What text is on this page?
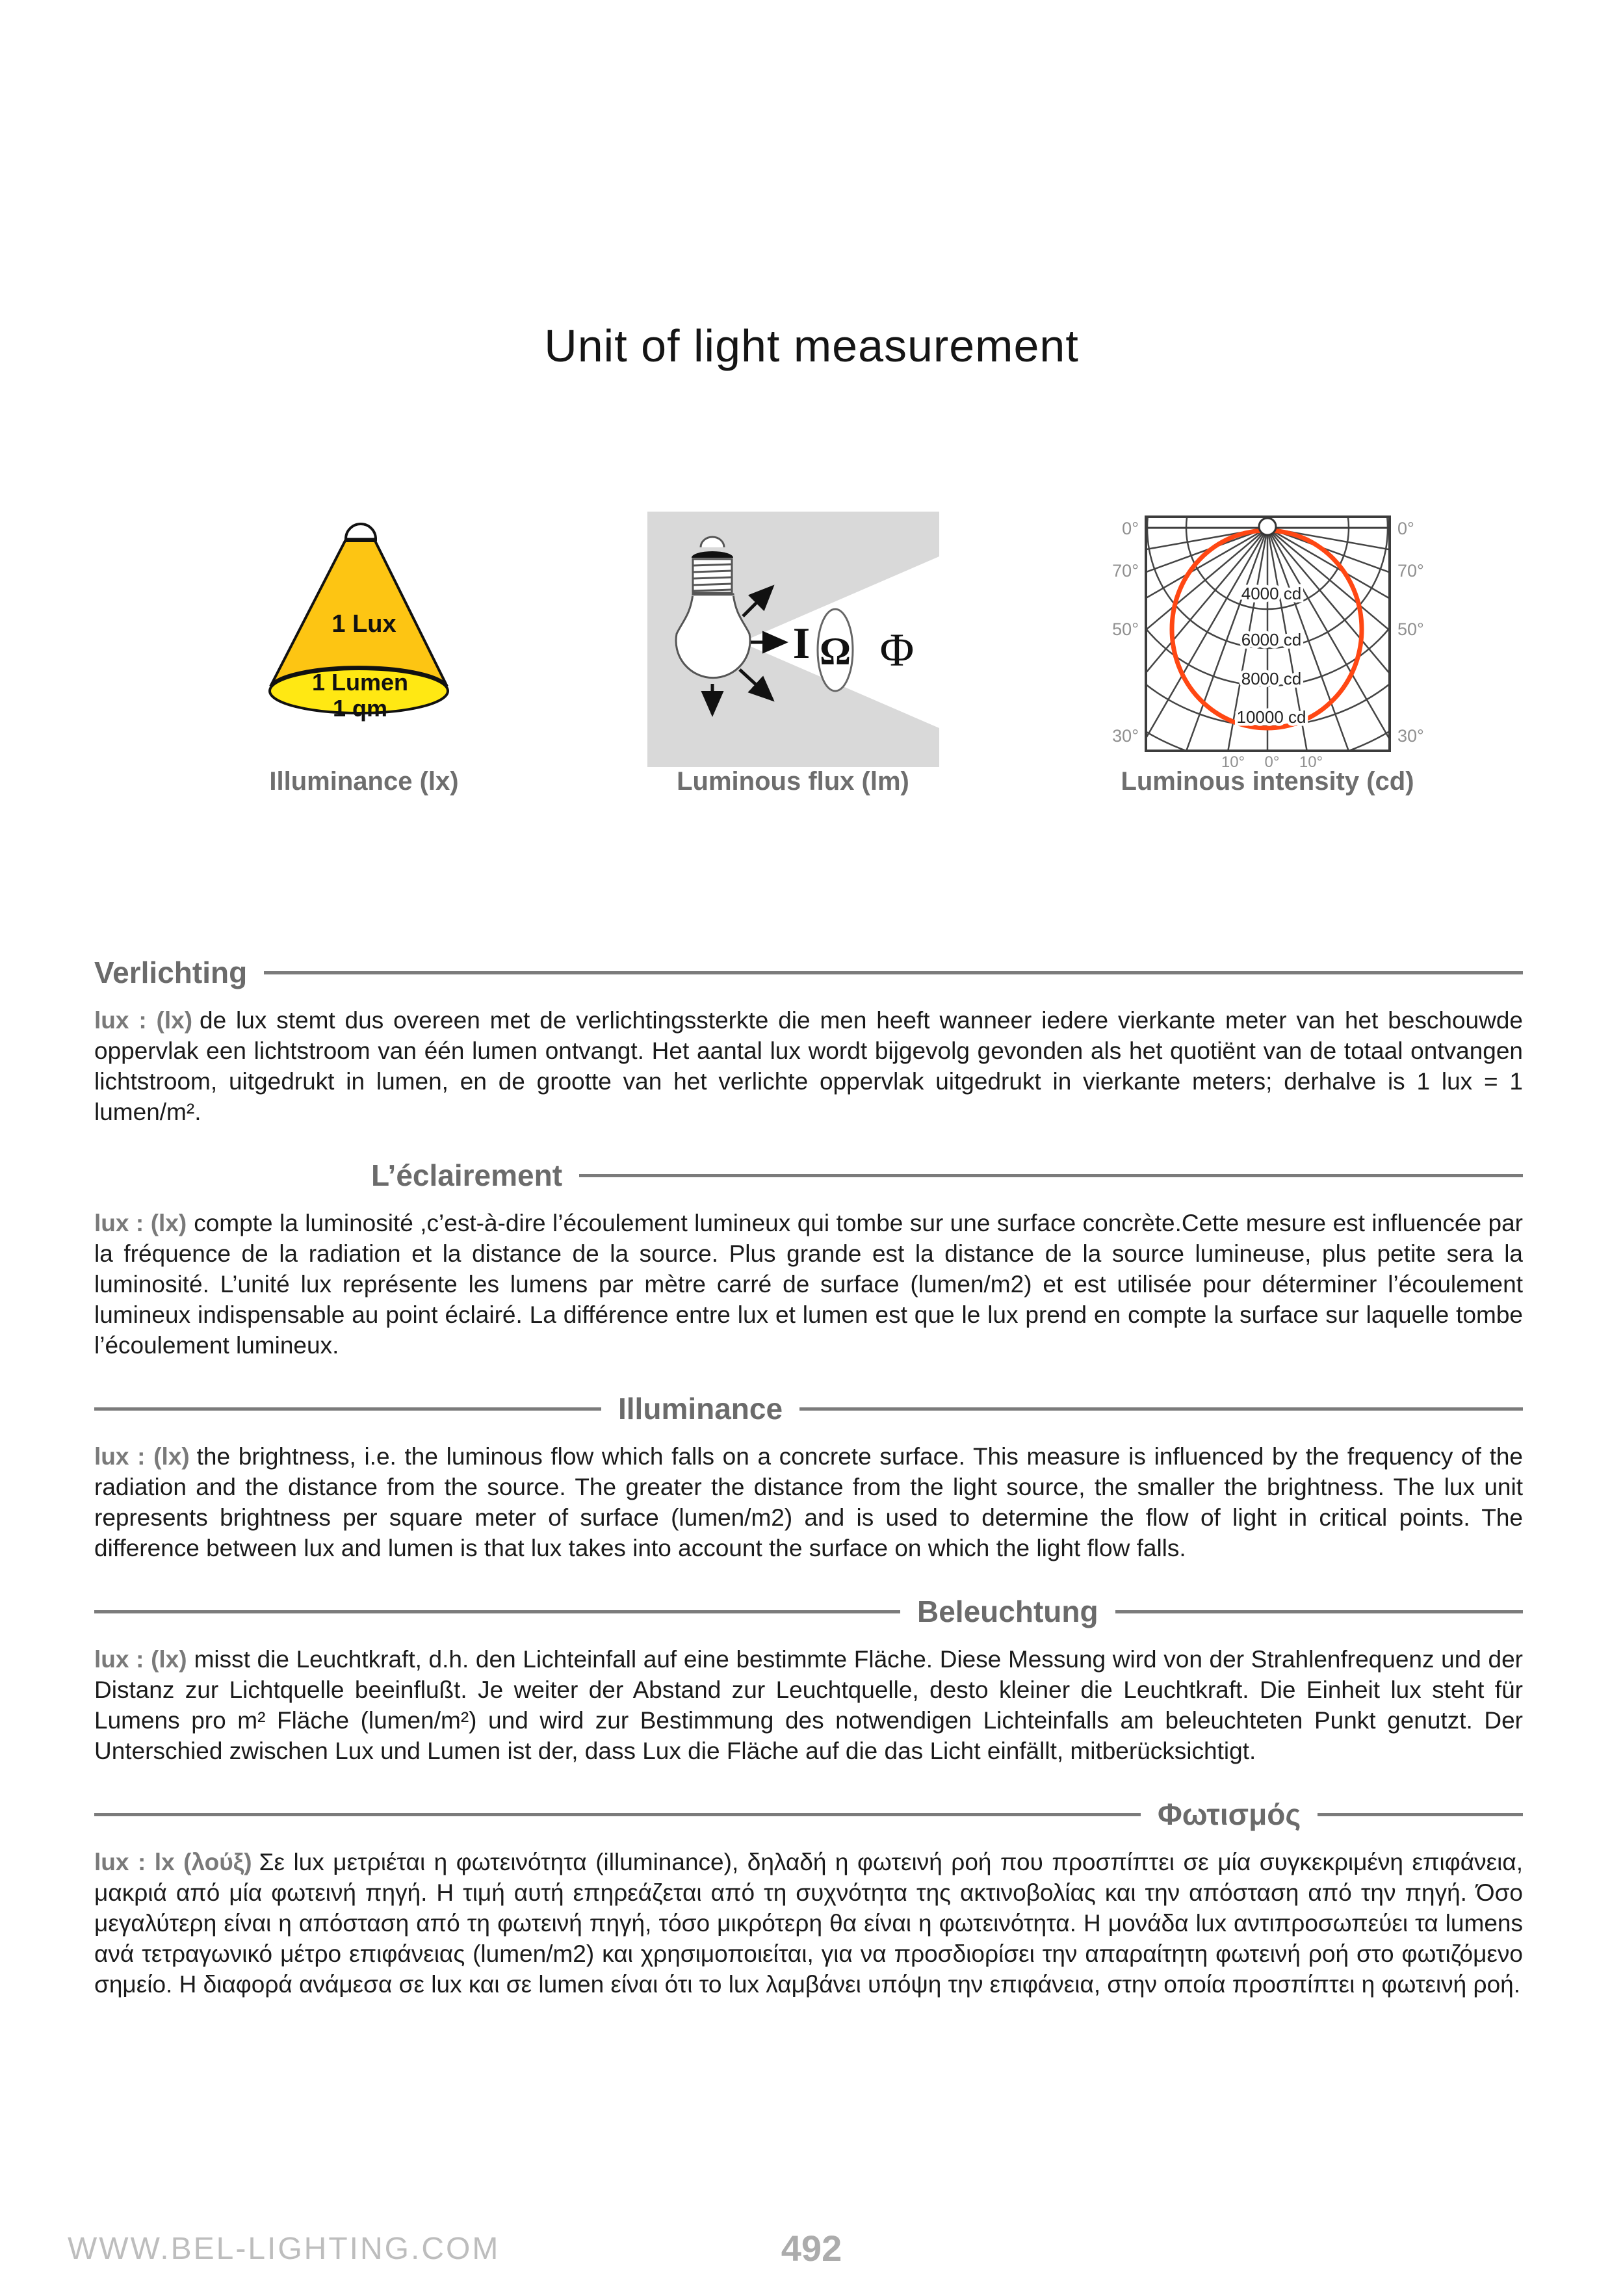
Unit of light measurement
1 Lux
1 Lumen
1 qm
Illuminance (lx)
I Ω Φ
Luminous flux (lm)
4000 cd
6000 cd
8000 cd
10000 cd
0°
70°
50°
30°
0°
70°
50°
30°
10° 0° 10°
Luminous intensity (cd)
Verlichting

lux : (lx) de lux stemt dus overeen met de verlichtingssterkte die men heeft wanneer iedere vierkante meter van het beschouwde oppervlak een lichtstroom van één lumen ontvangt. Het aantal lux wordt bijgevolg gevonden als het quotiënt van de totaal ontvangen lichtstroom, uitgedrukt in lumen, en de grootte van het verlichte oppervlak uitgedrukt in vierkante meters; derhalve is 1 lux = 1 lumen/m².

L’éclairement

lux : (lx) compte la luminosité ,c’est-à-dire l’écoulement lumineux qui tombe sur une surface concrète.Cette mesure est influencée par la fréquence de la radiation et la distance de la source. Plus grande est la distance de la source lumineuse, plus petite sera la luminosité. L’unité lux représente les lumens par mètre carré de surface (lumen/m2) et est utilisée pour déterminer l’écoulement lumineux indispensable au point éclairé. La différence entre lux et lumen est que le lux prend en compte la surface sur laquelle tombe l’écoulement lumineux.

Illuminance

lux : (lx) the brightness, i.e. the luminous flow which falls on a concrete surface. This measure is influenced by the frequency of the radiation and the distance from the source. The greater the distance from the light source, the smaller the brightness. The lux unit represents brightness per square meter of surface (lumen/m2) and is used to determine the flow of light in critical points. The difference between lux and lumen is that lux takes into account the surface on which the light flow falls.

Beleuchtung

lux : (lx) misst die Leuchtkraft, d.h. den Lichteinfall auf eine bestimmte Fläche. Diese Messung wird von der Strahlenfrequenz und der Distanz zur Lichtquelle beeinflußt. Je weiter der Abstand zur Leuchtquelle, desto kleiner die Leuchtkraft. Die Einheit lux steht für Lumens pro m² Fläche (lumen/m²) und wird zur Bestimmung des notwendigen Lichteinfalls am beleuchteten Punkt genutzt. Der Unterschied zwischen Lux und Lumen ist der, dass Lux die Fläche auf die das Licht einfällt, mitberücksichtigt.

Φωτισμός

lux : lx (λούξ) Σε lux μετριέται η φωτεινότητα (illuminance), δηλαδή η φωτεινή ροή που προσπίπτει σε μία συγκεκριμένη επιφάνεια, μακριά από μία φωτεινή πηγή. Η τιμή αυτή επηρεάζεται από τη συχνότητα της ακτινοβολίας και την απόσταση από την πηγή. Όσο μεγαλύτερη είναι η απόσταση από τη φωτεινή πηγή, τόσο μικρότερη θα είναι η φωτεινότητα. Η μονάδα lux αντιπροσωπεύει τα lumens ανά τετραγωνικό μέτρο επιφάνειας (lumen/m2) και χρησιμοποιείται, για να προσδιορίσει την απαραίτητη φωτεινή ροή στο φωτιζόμενο σημείο. Η διαφορά ανάμεσα σε lux και σε lumen είναι ότι το lux λαμβάνει υπόψη την επιφάνεια, στην οποία προσπίπτει η φωτεινή ροή.

WWW.BEL-LIGHTING.COM	492
